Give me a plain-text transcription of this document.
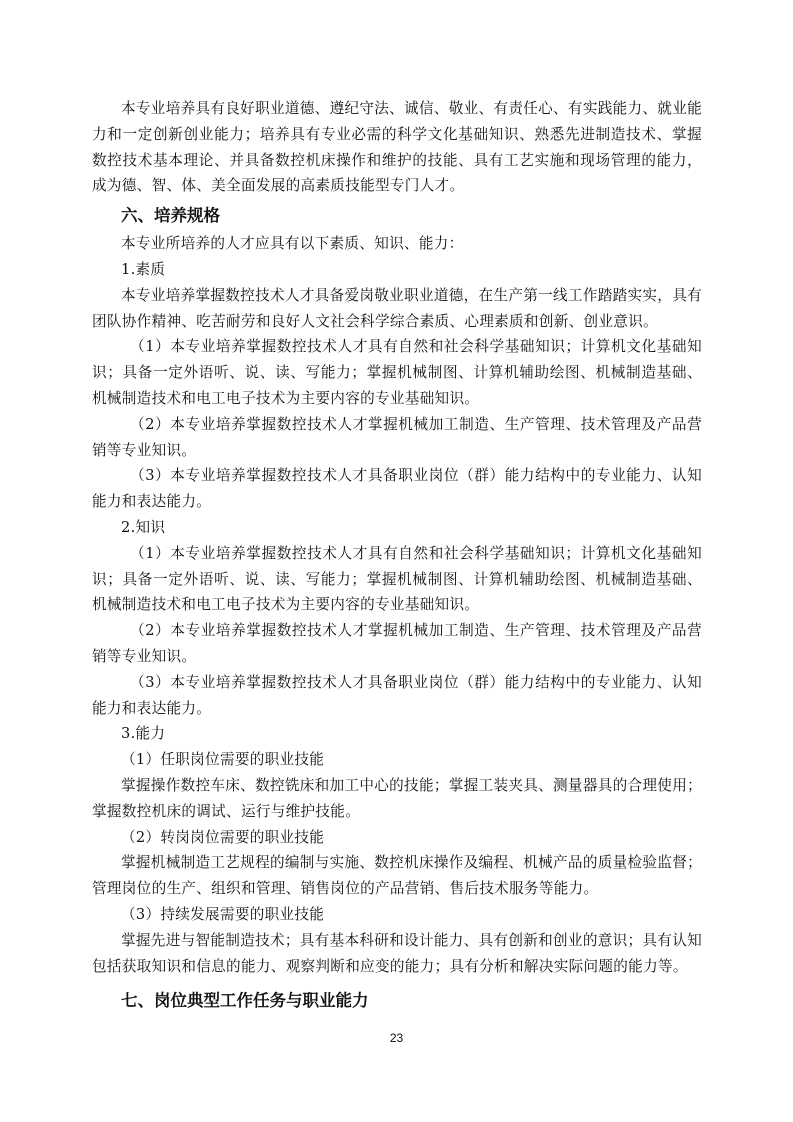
本专业培养具有良好职业道德、遵纪守法、诚信、敬业、有责任心、有实践能力、就业能力和一定创新创业能力；培养具有专业必需的科学文化基础知识、熟悉先进制造技术、掌握数控技术基本理论、并具备数控机床操作和维护的技能、具有工艺实施和现场管理的能力，成为德、智、体、美全面发展的高素质技能型专门人才。

六、培养规格

本专业所培养的人才应具有以下素质、知识、能力：

1.素质

本专业培养掌握数控技术人才具备爱岗敬业职业道德，在生产第一线工作踏踏实实，具有团队协作精神、吃苦耐劳和良好人文社会科学综合素质、心理素质和创新、创业意识。

（1）本专业培养掌握数控技术人才具有自然和社会科学基础知识；计算机文化基础知识；具备一定外语听、说、读、写能力；掌握机械制图、计算机辅助绘图、机械制造基础、机械制造技术和电工电子技术为主要内容的专业基础知识。

（2）本专业培养掌握数控技术人才掌握机械加工制造、生产管理、技术管理及产品营销等专业知识。

（3）本专业培养掌握数控技术人才具备职业岗位（群）能力结构中的专业能力、认知能力和表达能力。

2.知识

（1）本专业培养掌握数控技术人才具有自然和社会科学基础知识；计算机文化基础知识；具备一定外语听、说、读、写能力；掌握机械制图、计算机辅助绘图、机械制造基础、机械制造技术和电工电子技术为主要内容的专业基础知识。

（2）本专业培养掌握数控技术人才掌握机械加工制造、生产管理、技术管理及产品营销等专业知识。

（3）本专业培养掌握数控技术人才具备职业岗位（群）能力结构中的专业能力、认知能力和表达能力。

3.能力

（1）任职岗位需要的职业技能

掌握操作数控车床、数控铣床和加工中心的技能；掌握工装夹具、测量器具的合理使用；掌握数控机床的调试、运行与维护技能。

（2）转岗岗位需要的职业技能

掌握机械制造工艺规程的编制与实施、数控机床操作及编程、机械产品的质量检验监督；管理岗位的生产、组织和管理、销售岗位的产品营销、售后技术服务等能力。

（3）持续发展需要的职业技能

掌握先进与智能制造技术；具有基本科研和设计能力、具有创新和创业的意识；具有认知包括获取知识和信息的能力、观察判断和应变的能力；具有分析和解决实际问题的能力等。

七、岗位典型工作任务与职业能力
23
